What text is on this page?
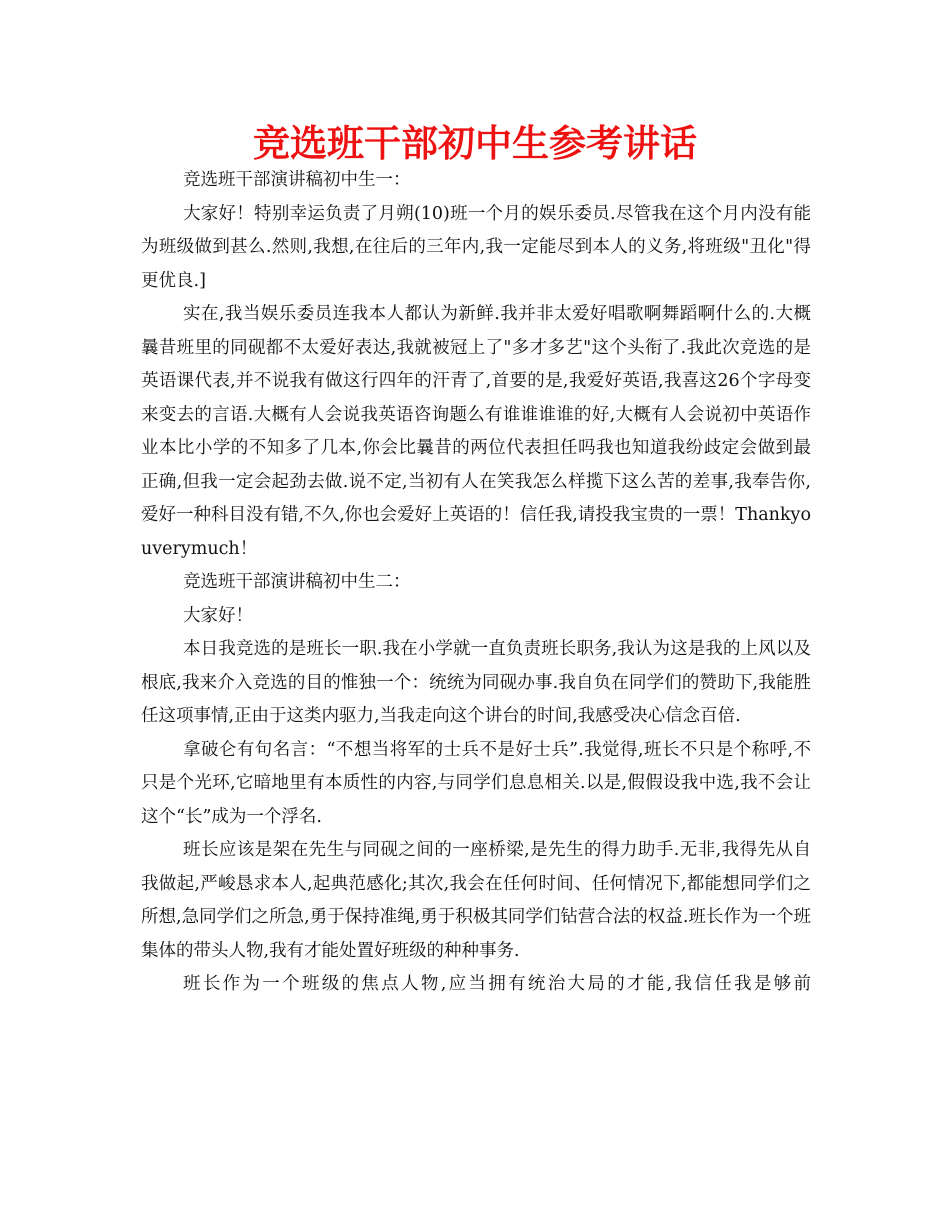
竞选班干部初中生参考讲话

竞选班干部演讲稿初中生一：

大家好！特别幸运负责了月朔(10)班一个月的娱乐委员.尽管我在这个月内没有能为班级做到甚么.然则,我想,在往后的三年内,我一定能尽到本人的义务,将班级"丑化"得更优良.]

实在,我当娱乐委员连我本人都认为新鲜.我并非太爱好唱歌啊舞蹈啊什么的.大概曩昔班里的同砚都不太爱好表达,我就被冠上了"多才多艺"这个头衔了.我此次竞选的是英语课代表,并不说我有做这行四年的汗青了,首要的是,我爱好英语,我喜这26个字母变来变去的言语.大概有人会说我英语咨询题么有谁谁谁谁的好,大概有人会说初中英语作业本比小学的不知多了几本,你会比曩昔的两位代表担任吗我也知道我纷歧定会做到最正确,但我一定会起劲去做.说不定,当初有人在笑我怎么样揽下这么苦的差事,我奉告你,爱好一种科目没有错,不久,你也会爱好上英语的！信任我,请投我宝贵的一票！Thankyouverymuch！

竞选班干部演讲稿初中生二：

大家好！

本日我竞选的是班长一职.我在小学就一直负责班长职务,我认为这是我的上风以及根底,我来介入竞选的目的惟独一个：统统为同砚办事.我自负在同学们的赞助下,我能胜任这项事情,正由于这类内驱力,当我走向这个讲台的时间,我感受决心信念百倍.

拿破仑有句名言：“不想当将军的士兵不是好士兵”.我觉得,班长不只是个称呼,不只是个光环,它暗地里有本质性的内容,与同学们息息相关.以是,假假设我中选,我不会让这个“长”成为一个浮名.

班长应该是架在先生与同砚之间的一座桥梁,是先生的得力助手.无非,我得先从自我做起,严峻恳求本人,起典范感化;其次,我会在任何时间、任何情况下,都能想同学们之所想,急同学们之所急,勇于保持准绳,勇于积极其同学们钻营合法的权益.班长作为一个班集体的带头人物,我有才能处置好班级的种种事务.

班长作为一个班级的焦点人物,应当拥有统治大局的才能,我信任我是够前
